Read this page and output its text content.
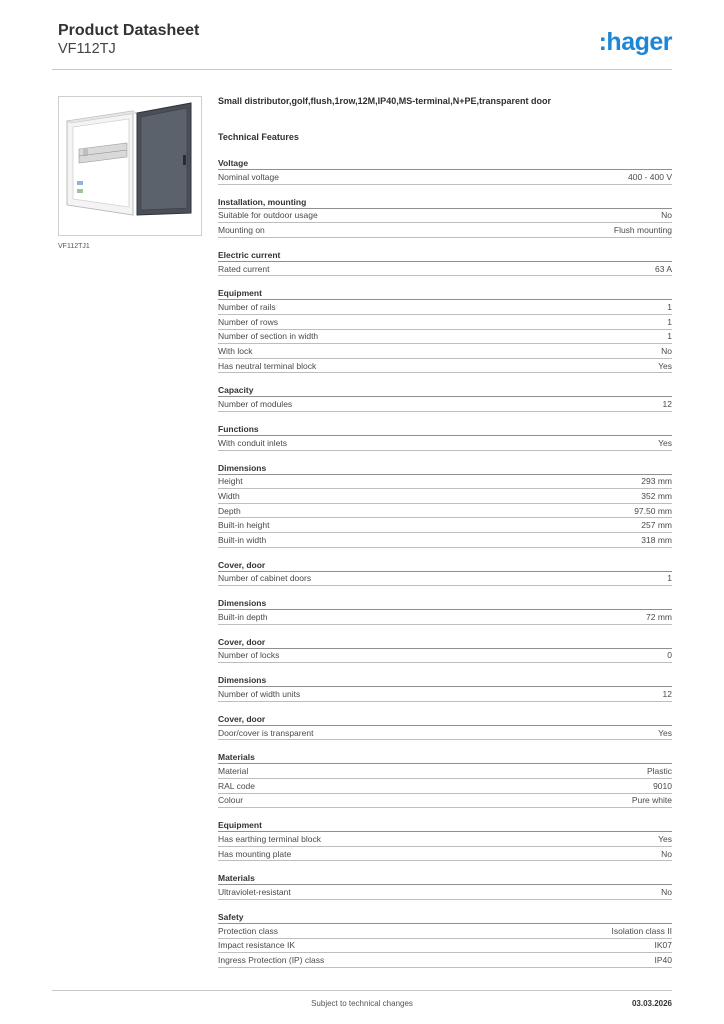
Product Datasheet
VF112TJ	:hager
VF112TJ1
Small distributor,golf,flush,1row,12M,IP40,MS-terminal,N+PE,transparent door
Technical Features
Voltage
Nominal voltage	400 - 400 V
Installation, mounting
Suitable for outdoor usage	No
Mounting on	Flush mounting
Electric current
Rated current	63 A
Equipment
Number of rails	1
Number of rows	1
Number of section in width	1
With lock	No
Has neutral terminal block	Yes
Capacity
Number of modules	12
Functions
With conduit inlets	Yes
Dimensions
Height	293 mm
Width	352 mm
Depth	97.50 mm
Built-in height	257 mm
Built-in width	318 mm
Cover, door
Number of cabinet doors	1
Dimensions
Built-in depth	72 mm
Cover, door
Number of locks	0
Dimensions
Number of width units	12
Cover, door
Door/cover is transparent	Yes
Materials
Material	Plastic
RAL code	9010
Colour	Pure white
Equipment
Has earthing terminal block	Yes
Has mounting plate	No
Materials
Ultraviolet-resistant	No
Safety
Protection class	Isolation class II
Impact resistance IK	IK07
Ingress Protection (IP) class	IP40
Subject to technical changes	03.03.2026
